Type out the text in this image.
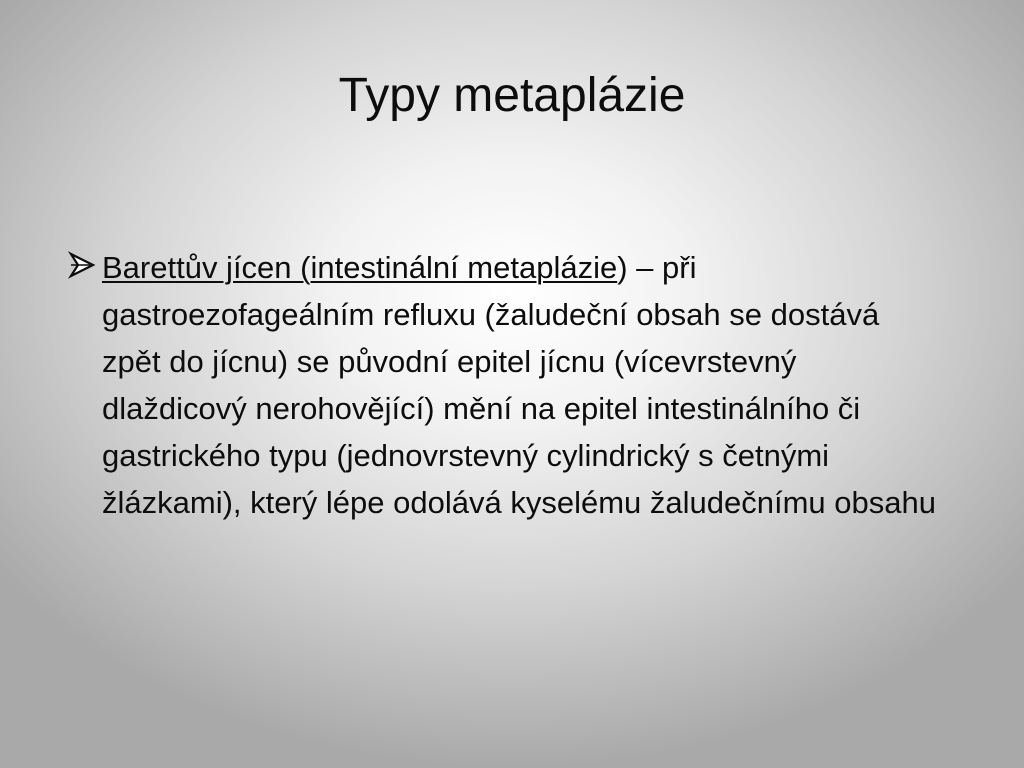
Typy metaplázie

Barettův jícen (intestinální metaplázie) – při gastroezofageálním refluxu (žaludeční obsah se dostává zpět do jícnu) se původní epitel jícnu (vícevrstevný dlaždicový nerohovějící) mění na epitel intestinálního či gastrického typu (jednovrstevný cylindrický s četnými žlázkami), který lépe odolává kyselému žaludečnímu obsahu
